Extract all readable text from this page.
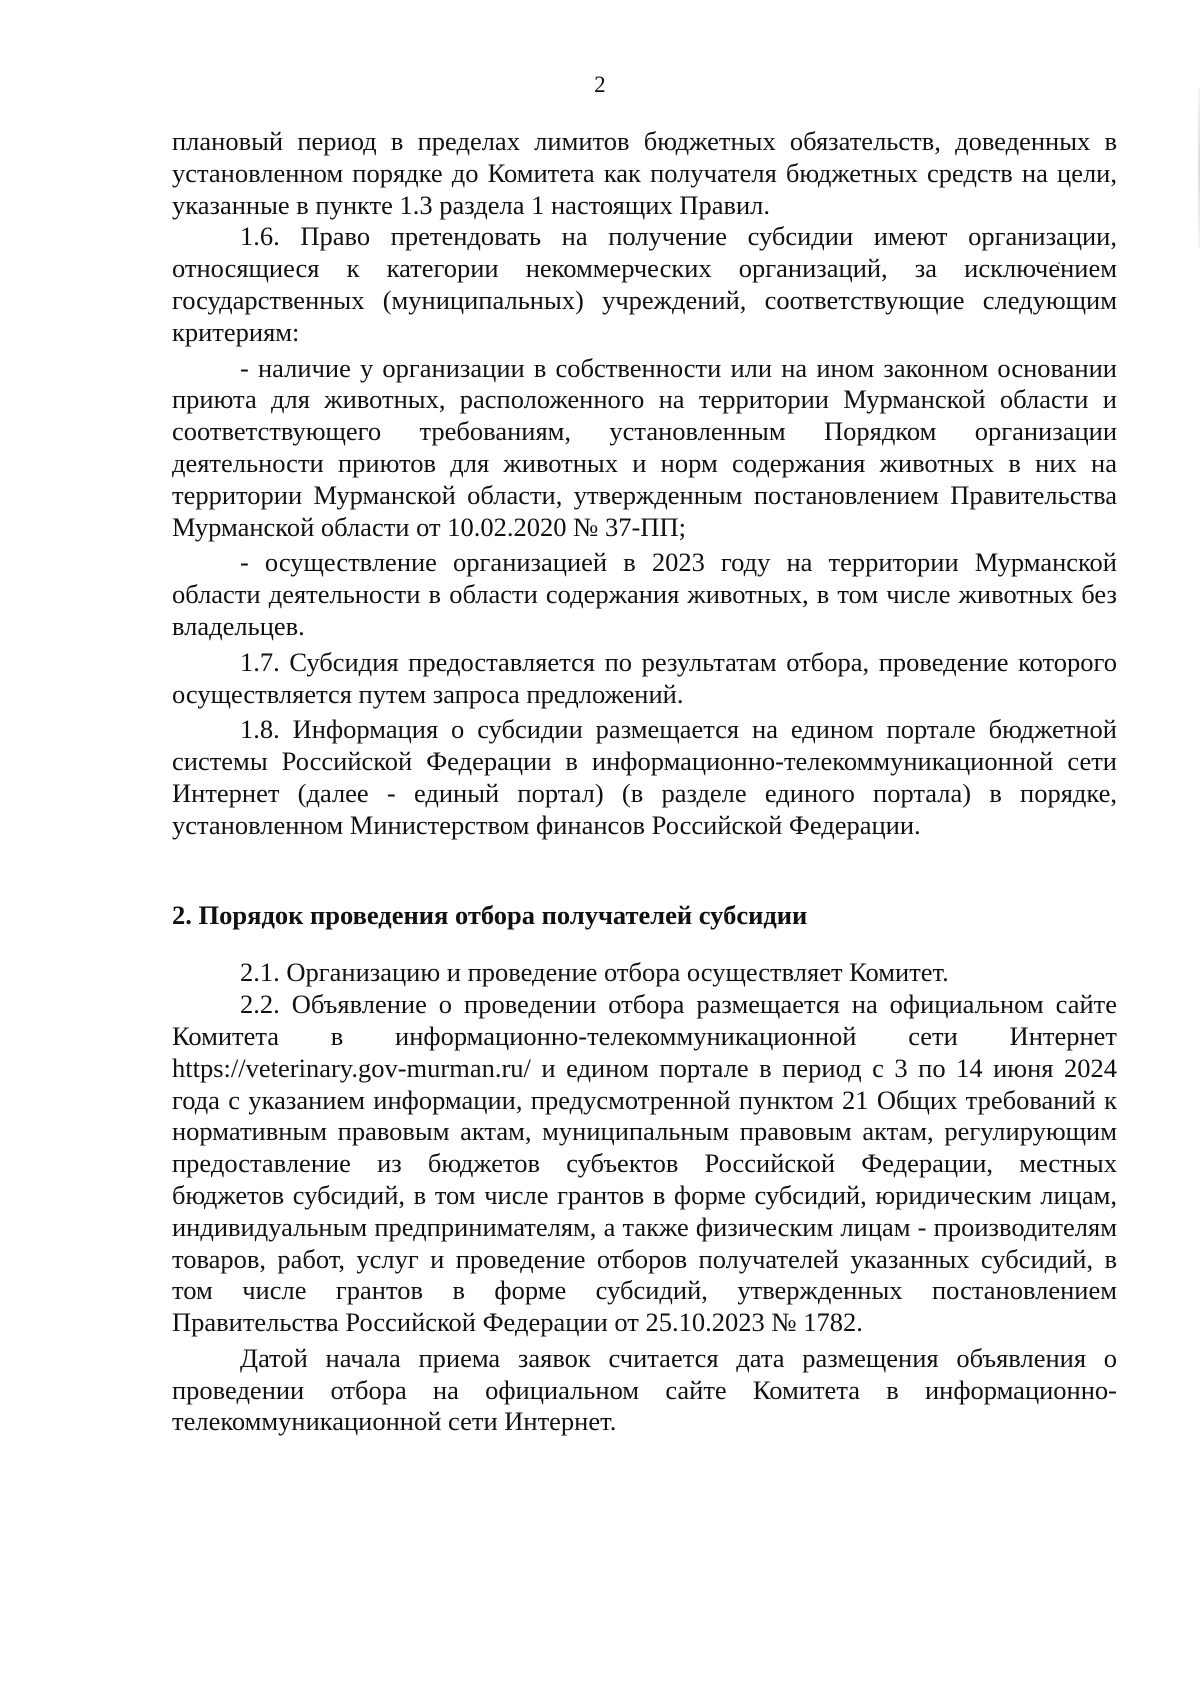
2

плановый период в пределах лимитов бюджетных обязательств, доведенных в установленном порядке до Комитета как получателя бюджетных средств на цели, указанные в пункте 1.3 раздела 1 настоящих Правил.

1.6. Право претендовать на получение субсидии имеют организации, относящиеся к категории некоммерческих организаций, за исключением государственных (муниципальных) учреждений, соответствующие следующим критериям:

- наличие у организации в собственности или на ином законном основании приюта для животных, расположенного на территории Мурманской области и соответствующего требованиям, установленным Порядком организации деятельности приютов для животных и норм содержания животных в них на территории Мурманской области, утвержденным постановлением Правительства Мурманской области от 10.02.2020 № 37-ПП;

- осуществление организацией в 2023 году на территории Мурманской области деятельности в области содержания животных, в том числе животных без владельцев.

1.7. Субсидия предоставляется по результатам отбора, проведение которого осуществляется путем запроса предложений.

1.8. Информация о субсидии размещается на едином портале бюджетной системы Российской Федерации в информационно-телекоммуникационной сети Интернет (далее - единый портал) (в разделе единого портала) в порядке, установленном Министерством финансов Российской Федерации.

2. Порядок проведения отбора получателей субсидии

2.1. Организацию и проведение отбора осуществляет Комитет.

2.2. Объявление о проведении отбора размещается на официальном сайте Комитета в информационно-телекоммуникационной сети Интернет https://veterinary.gov-murman.ru/ и едином портале в период с 3 по 14 июня 2024 года с указанием информации, предусмотренной пунктом 21 Общих требований к нормативным правовым актам, муниципальным правовым актам, регулирующим предоставление из бюджетов субъектов Российской Федерации, местных бюджетов субсидий, в том числе грантов в форме субсидий, юридическим лицам, индивидуальным предпринимателям, а также физическим лицам - производителям товаров, работ, услуг и проведение отборов получателей указанных субсидий, в том числе грантов в форме субсидий, утвержденных постановлением Правительства Российской Федерации от 25.10.2023 № 1782.

Датой начала приема заявок считается дата размещения объявления о проведении отбора на официальном сайте Комитета в информационно-телекоммуникационной сети Интернет.
